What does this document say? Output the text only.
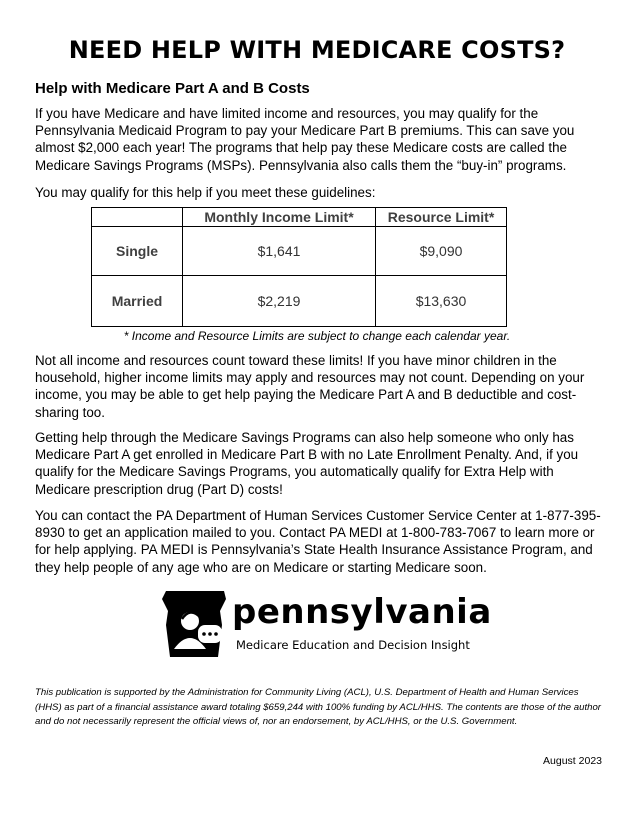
NEED HELP WITH MEDICARE COSTS?
Help with Medicare Part A and B Costs
If you have Medicare and have limited income and resources, you may qualify for the Pennsylvania Medicaid Program to pay your Medicare Part B premiums. This can save you almost $2,000 each year! The programs that help pay these Medicare costs are called the Medicare Savings Programs (MSPs). Pennsylvania also calls them the “buy-in” programs.
You may qualify for this help if you meet these guidelines:
	Monthly Income Limit*	Resource Limit*
Single	$1,641	$9,090
Married	$2,219	$13,630
* Income and Resource Limits are subject to change each calendar year.
Not all income and resources count toward these limits! If you have minor children in the household, higher income limits may apply and resources may not count. Depending on your income, you may be able to get help paying the Medicare Part A and B deductible and cost-sharing too.
Getting help through the Medicare Savings Programs can also help someone who only has Medicare Part A get enrolled in Medicare Part B with no Late Enrollment Penalty. And, if you qualify for the Medicare Savings Programs, you automatically qualify for Extra Help with Medicare prescription drug (Part D) costs!
You can contact the PA Department of Human Services Customer Service Center at 1-877-395-8930 to get an application mailed to you. Contact PA MEDI at 1-800-783-7067 to learn more or for help applying. PA MEDI is Pennsylvania’s State Health Insurance Assistance Program, and they help people of any age who are on Medicare or starting Medicare soon.
pennsylvania
Medicare Education and Decision Insight
This publication is supported by the Administration for Community Living (ACL), U.S. Department of Health and Human Services (HHS) as part of a financial assistance award totaling $659,244 with 100% funding by ACL/HHS. The contents are those of the author and do not necessarily represent the official views of, nor an endorsement, by ACL/HHS, or the U.S. Government.
August 2023
